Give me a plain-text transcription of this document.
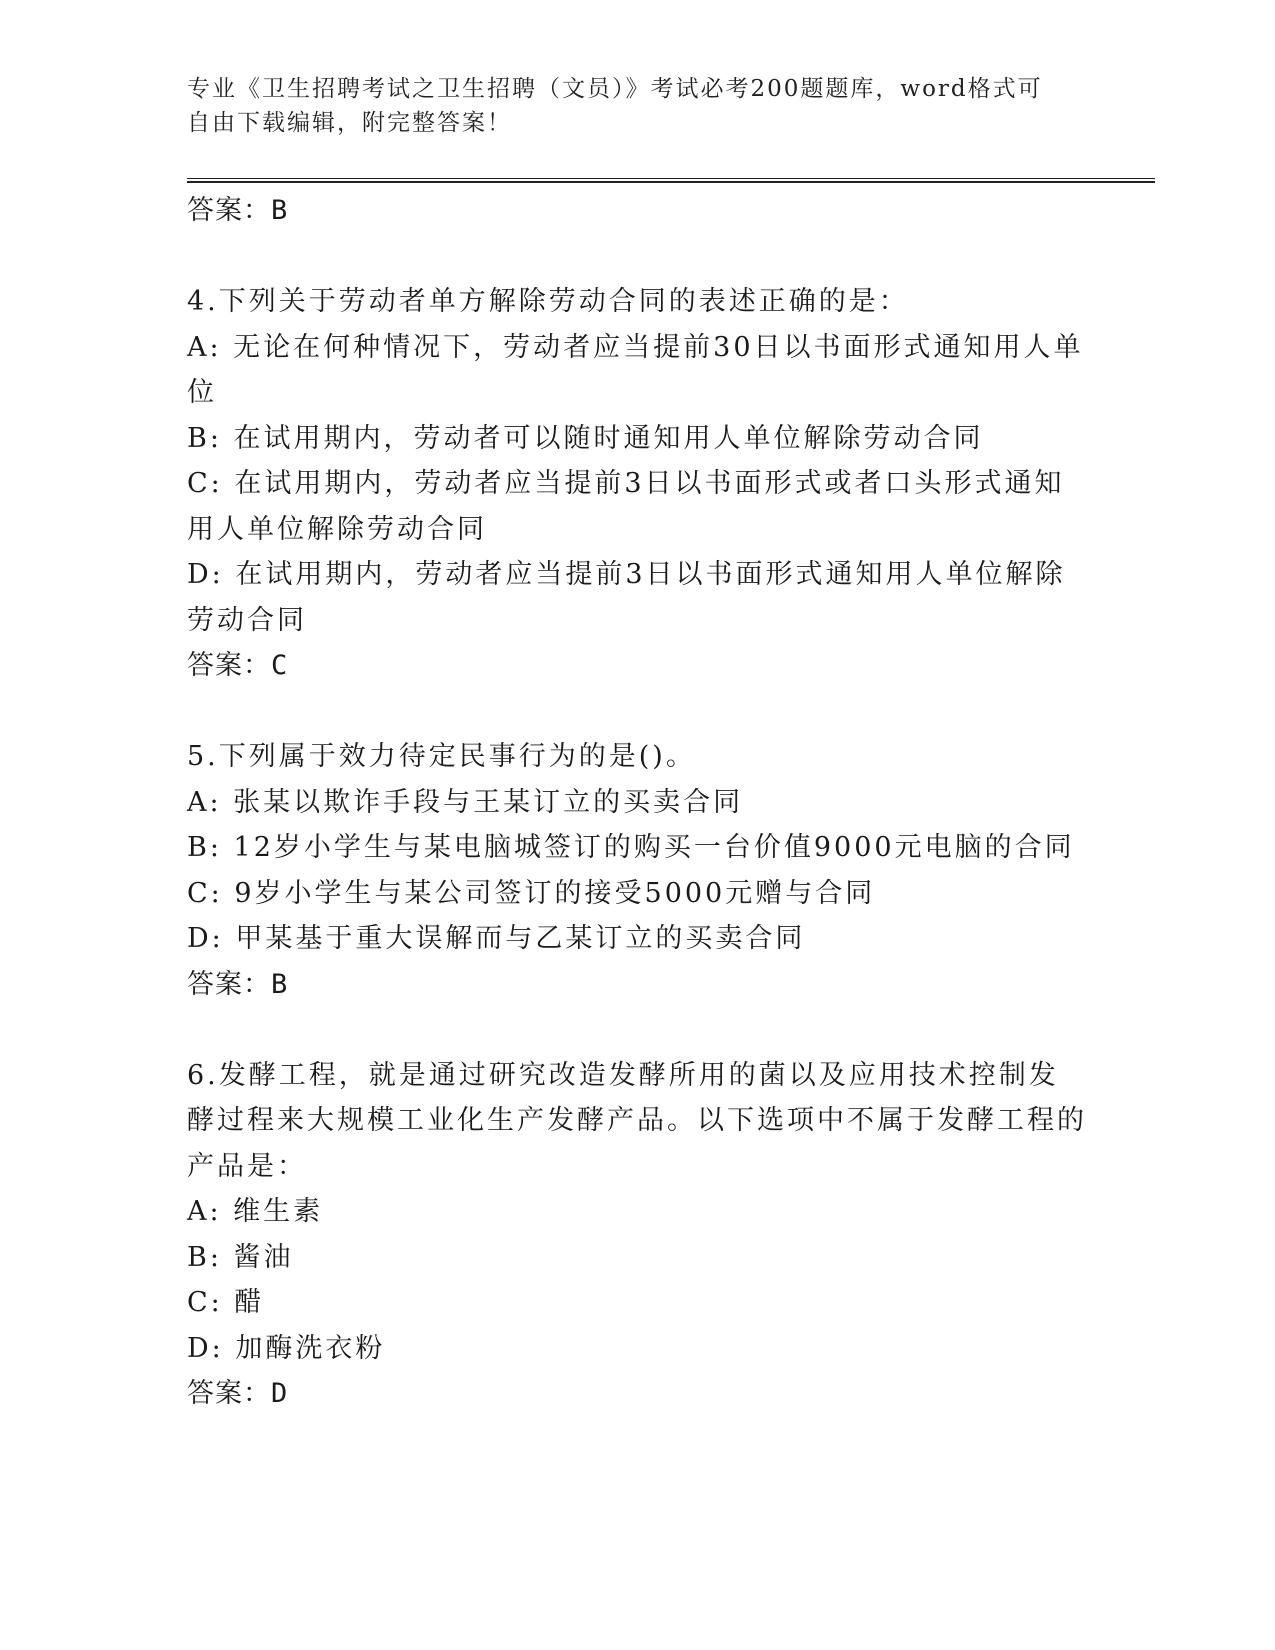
专业《卫生招聘考试之卫生招聘（文员）》考试必考200题题库，word格式可自由下载编辑，附完整答案！

答案：B

4.下列关于劳动者单方解除劳动合同的表述正确的是：

A: 无论在何种情况下，劳动者应当提前30日以书面形式通知用人单位

B: 在试用期内，劳动者可以随时通知用人单位解除劳动合同

C: 在试用期内，劳动者应当提前3日以书面形式或者口头形式通知用人单位解除劳动合同

D: 在试用期内，劳动者应当提前3日以书面形式通知用人单位解除劳动合同

答案：C

5.下列属于效力待定民事行为的是()。

A: 张某以欺诈手段与王某订立的买卖合同

B: 12岁小学生与某电脑城签订的购买一台价值9000元电脑的合同

C: 9岁小学生与某公司签订的接受5000元赠与合同

D: 甲某基于重大误解而与乙某订立的买卖合同

答案：B

6.发酵工程，就是通过研究改造发酵所用的菌以及应用技术控制发酵过程来大规模工业化生产发酵产品。以下选项中不属于发酵工程的产品是：

A: 维生素

B: 酱油

C: 醋

D: 加酶洗衣粉

答案：D
